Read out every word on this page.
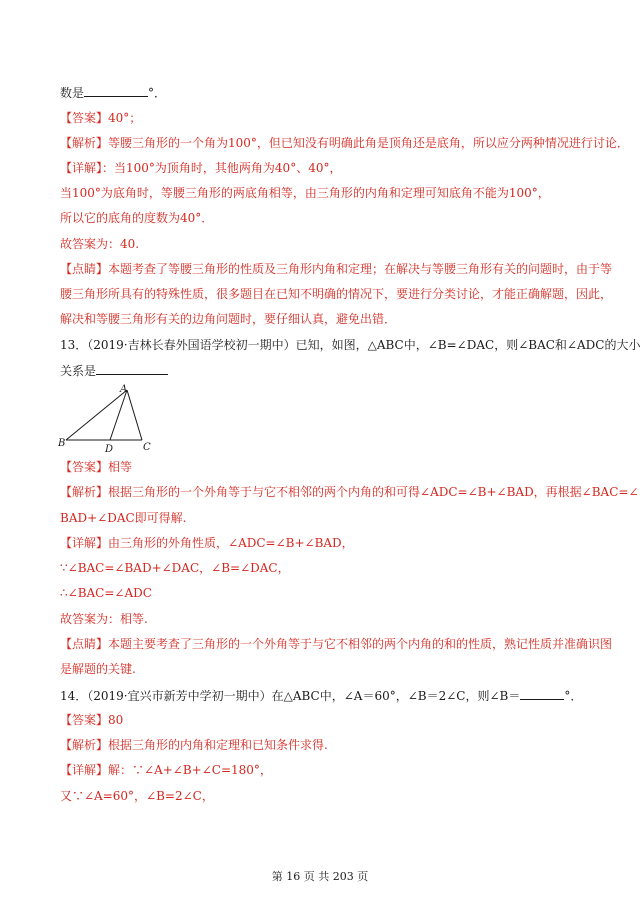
数是	°．
【答案】40°；
【解析】等腰三角形的一个角为100°，但已知没有明确此角是顶角还是底角，所以应分两种情况进行讨论．
【详解】：当100°为顶角时，其他两角为40°、40°，
当100°为底角时，等腰三角形的两底角相等，由三角形的内角和定理可知底角不能为100°，
所以它的底角的度数为40°．
故答案为：40.
【点睛】本题考查了等腰三角形的性质及三角形内角和定理；在解决与等腰三角形有关的问题时，由于等
腰三角形所具有的特殊性质，很多题目在已知不明确的情况下，要进行分类讨论，才能正确解题，因此，
解决和等腰三角形有关的边角问题时，要仔细认真，避免出错．
13．（2019·吉林长春外国语学校初一期中）已知，如图，△ABC中，∠B=∠DAC，则∠BAC和∠ADC的大小
关系是
A
B
D	C
【答案】相等
【解析】根据三角形的一个外角等于与它不相邻的两个内角的和可得∠ADC=∠B+∠BAD，再根据∠BAC=∠
BAD+∠DAC即可得解.
【详解】由三角形的外角性质，∠ADC=∠B+∠BAD，
∵∠BAC=∠BAD+∠DAC，∠B=∠DAC，
∴∠BAC=∠ADC
故答案为：相等.
【点睛】本题主要考查了三角形的一个外角等于与它不相邻的两个内角的和的性质，熟记性质并准确识图
是解题的关键.
14．（2019·宜兴市新芳中学初一期中）在△ABC中，∠A＝60°，∠B＝2∠C，则∠B＝	°．
【答案】80
【解析】根据三角形的内角和定理和已知条件求得.
【详解】解：∵∠A+∠B+∠C=180°，
又∵∠A=60°，∠B=2∠C，
第 16 页 共 203 页
